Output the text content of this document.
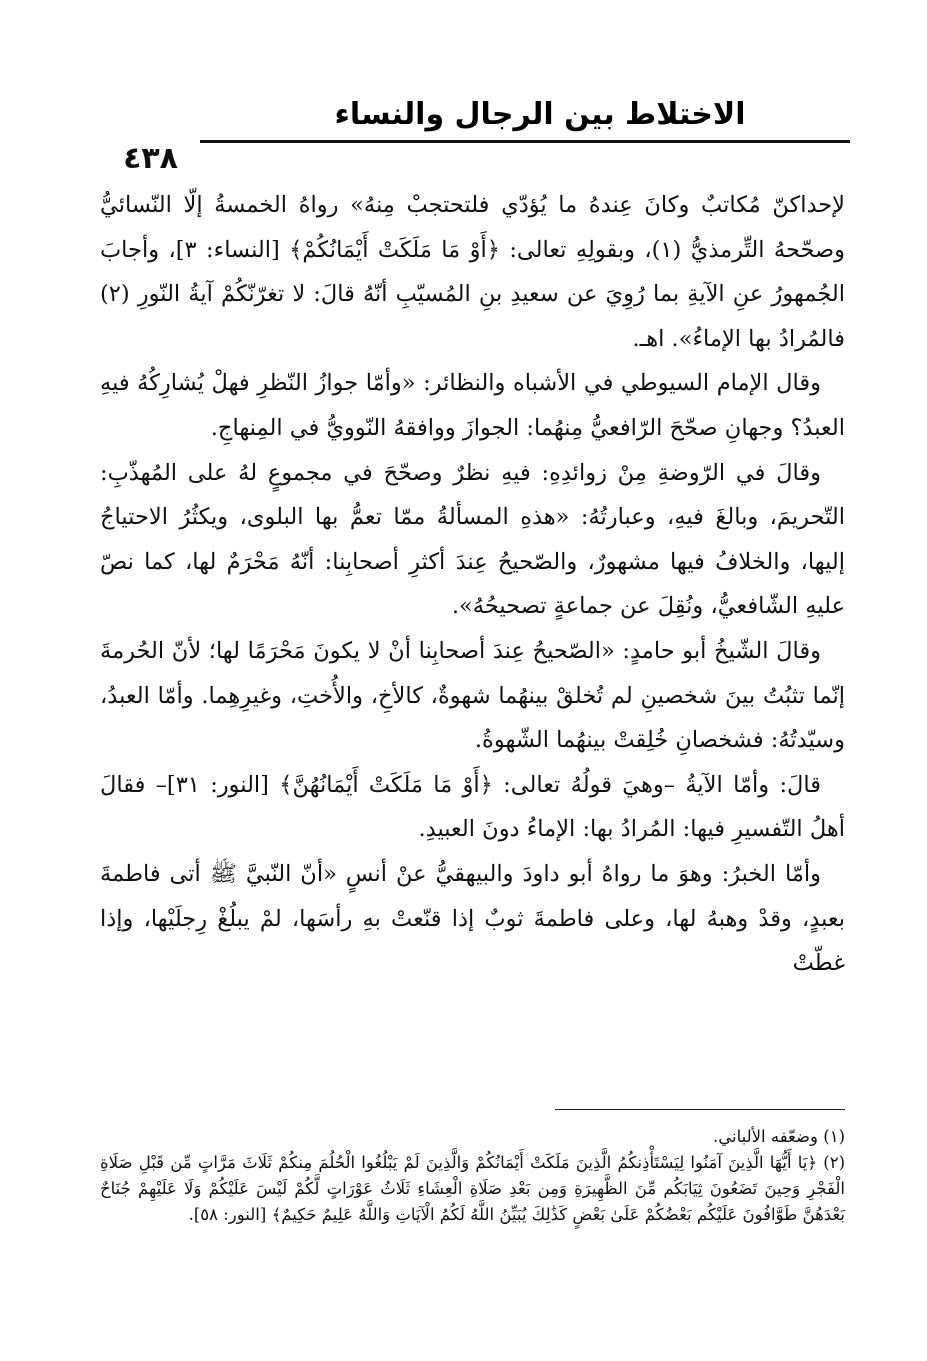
الاختلاط بين الرجال والنساء
٤٣٨

لإحداكنّ مُكاتبٌ وكانَ عِندهُ ما يُؤدّي فلتحتجبْ مِنهُ» رواهُ الخمسةُ إلّا النّسائيُّ وصحّحهُ التِّرمذيُّ (١)، وبقولِهِ تعالى: ﴿أَوْ مَا مَلَكَتْ أَيْمَانُكُمْ﴾ [النساء: ٣]، وأجابَ الجُمهورُ عنِ الآيةِ بما رُوِيَ عن سعيدِ بنِ المُسيّبِ أنّهُ قالَ: لا تغرّنّكُمْ آيةُ النّورِ (٢) فالمُرادُ بها الإماءُ». اهـ.

وقال الإمام السيوطي في الأشباه والنظائر: «وأمّا جوازُ النّظرِ فهلْ يُشارِكُهُ فيهِ العبدُ؟ وجهانِ صحّحَ الرّافعيُّ مِنهُما: الجوازَ ووافقهُ النّوويُّ في المِنهاجِ.

وقالَ في الرّوضةِ مِنْ زوائدِهِ: فيهِ نظرٌ وصحّحَ في مجموعٍ لهُ على المُهذّبِ: التّحريمَ، وبالغَ فيهِ، وعبارتُهُ: «هذهِ المسألةُ ممّا تعمُّ بها البلوى، ويكثُرُ الاحتياجُ إليها، والخلافُ فيها مشهورٌ، والصّحيحُ عِندَ أكثرِ أصحابِنا: أنّهُ مَحْرَمٌ لها، كما نصّ عليهِ الشّافعيُّ، ونُقِلَ عن جماعةٍ تصحيحُهُ».

وقالَ الشّيخُ أبو حامدٍ: «الصّحيحُ عِندَ أصحابِنا أنْ لا يكونَ مَحْرَمًا لها؛ لأنّ الحُرمةَ إنّما تثبُتُ بينَ شخصينِ لم تُخلقْ بينهُما شهوةٌ، كالأخِ، والأُختِ، وغيرِهِما. وأمّا العبدُ، وسيّدتُهُ: فشخصانِ خُلِقتْ بينهُما الشّهوةُ.

قالَ: وأمّا الآيةُ –وهيَ قولُهُ تعالى: ﴿أَوْ مَا مَلَكَتْ أَيْمَانُهُنَّ﴾ [النور: ٣١]– فقالَ أهلُ التّفسيرِ فيها: المُرادُ بها: الإماءُ دونَ العبيدِ.

وأمّا الخبرُ: وهوَ ما رواهُ أبو داودَ والبيهقيُّ عنْ أنسٍ «أنّ النّبيَّ ﷺ أتى فاطمةَ بعبدٍ، وقدْ وهبهُ لها، وعلى فاطمةَ ثوبٌ إذا قنّعتْ بهِ رأسَها، لمْ يبلُغْ رِجلَيْها، وإذا غطّتْ

(١) وضعّفه الألباني.

(٢) ﴿يَا أَيُّهَا الَّذِينَ آمَنُوا لِيَسْتَأْذِنكُمُ الَّذِينَ مَلَكَتْ أَيْمَانُكُمْ وَالَّذِينَ لَمْ يَبْلُغُوا الْحُلُمَ مِنكُمْ ثَلَاثَ مَرَّاتٍ مِّن قَبْلِ صَلَاةِ الْفَجْرِ وَحِينَ تَضَعُونَ ثِيَابَكُم مِّنَ الظَّهِيرَةِ وَمِن بَعْدِ صَلَاةِ الْعِشَاءِ ثَلَاثُ عَوْرَاتٍ لَّكُمْ لَيْسَ عَلَيْكُمْ وَلَا عَلَيْهِمْ جُنَاحٌ بَعْدَهُنَّ طَوَّافُونَ عَلَيْكُم بَعْضُكُمْ عَلَىٰ بَعْضٍ كَذَٰلِكَ يُبَيِّنُ اللَّهُ لَكُمُ الْآيَاتِ وَاللَّهُ عَلِيمٌ حَكِيمٌ﴾ [النور: ٥٨].
